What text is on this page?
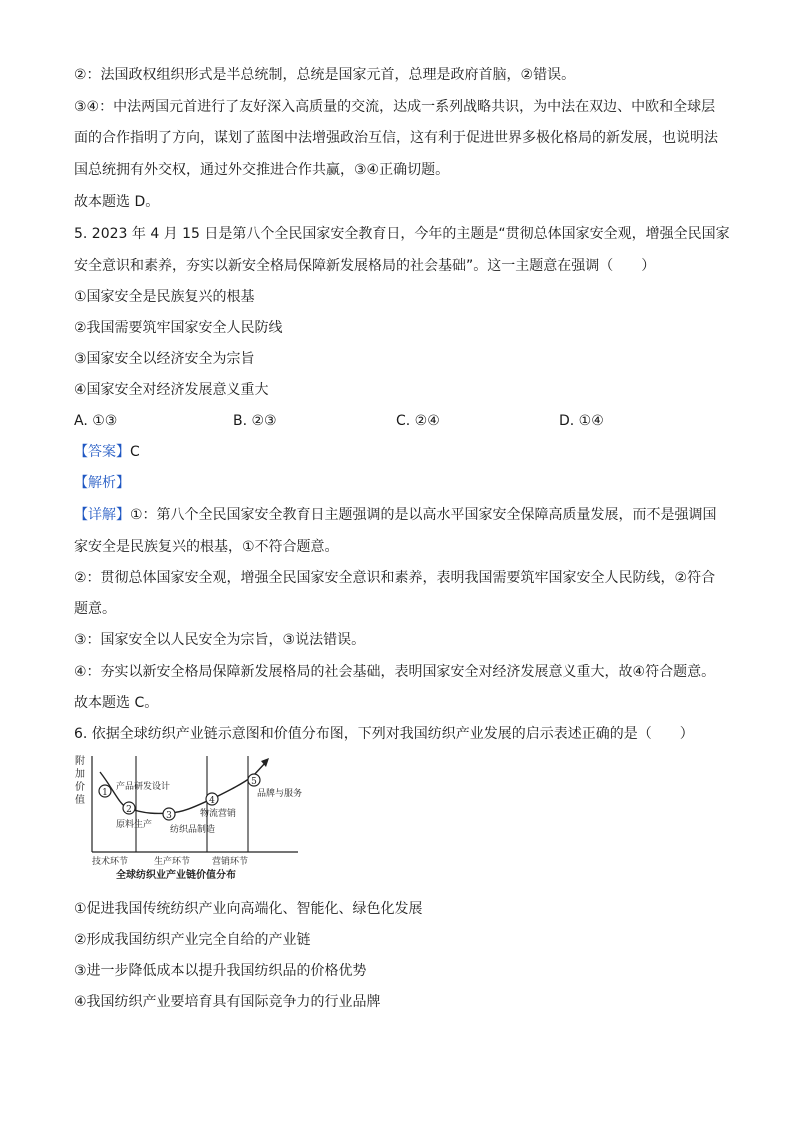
②：法国政权组织形式是半总统制，总统是国家元首，总理是政府首脑，②错误。
③④：中法两国元首进行了友好深入高质量的交流，达成一系列战略共识，为中法在双边、中欧和全球层
面的合作指明了方向，谋划了蓝图中法增强政治互信，这有利于促进世界多极化格局的新发展，也说明法
国总统拥有外交权，通过外交推进合作共赢，③④正确切题。
故本题选 D。
5. 2023 年 4 月 15 日是第八个全民国家安全教育日，今年的主题是“贯彻总体国家安全观，增强全民国家
安全意识和素养，夯实以新安全格局保障新发展格局的社会基础”。这一主题意在强调（　　）
①国家安全是民族复兴的根基
②我国需要筑牢国家安全人民防线
③国家安全以经济安全为宗旨
④国家安全对经济发展意义重大
A. ①③	B. ②③	C. ②④	D. ①④
【答案】C
【解析】
【详解】①：第八个全民国家安全教育日主题强调的是以高水平国家安全保障高质量发展，而不是强调国
家安全是民族复兴的根基，①不符合题意。
②：贯彻总体国家安全观，增强全民国家安全意识和素养，表明我国需要筑牢国家安全人民防线，②符合
题意。
③：国家安全以人民安全为宗旨，③说法错误。
④：夯实以新安全格局保障新发展格局的社会基础，表明国家安全对经济发展意义重大，故④符合题意。
故本题选 C。
6. 依据全球纺织产业链示意图和价值分布图，下列对我国纺织产业发展的启示表述正确的是（　　）
附
加
价
值
1
2
3
4
5
产品研发设计
原料生产 纺织品制造
物流营销
品牌与服务
技术环节	生产环节 营销环节
全球纺织业产业链价值分布
①促进我国传统纺织产业向高端化、智能化、绿色化发展
②形成我国纺织产业完全自给的产业链
③进一步降低成本以提升我国纺织品的价格优势
④我国纺织产业要培育具有国际竞争力的行业品牌
